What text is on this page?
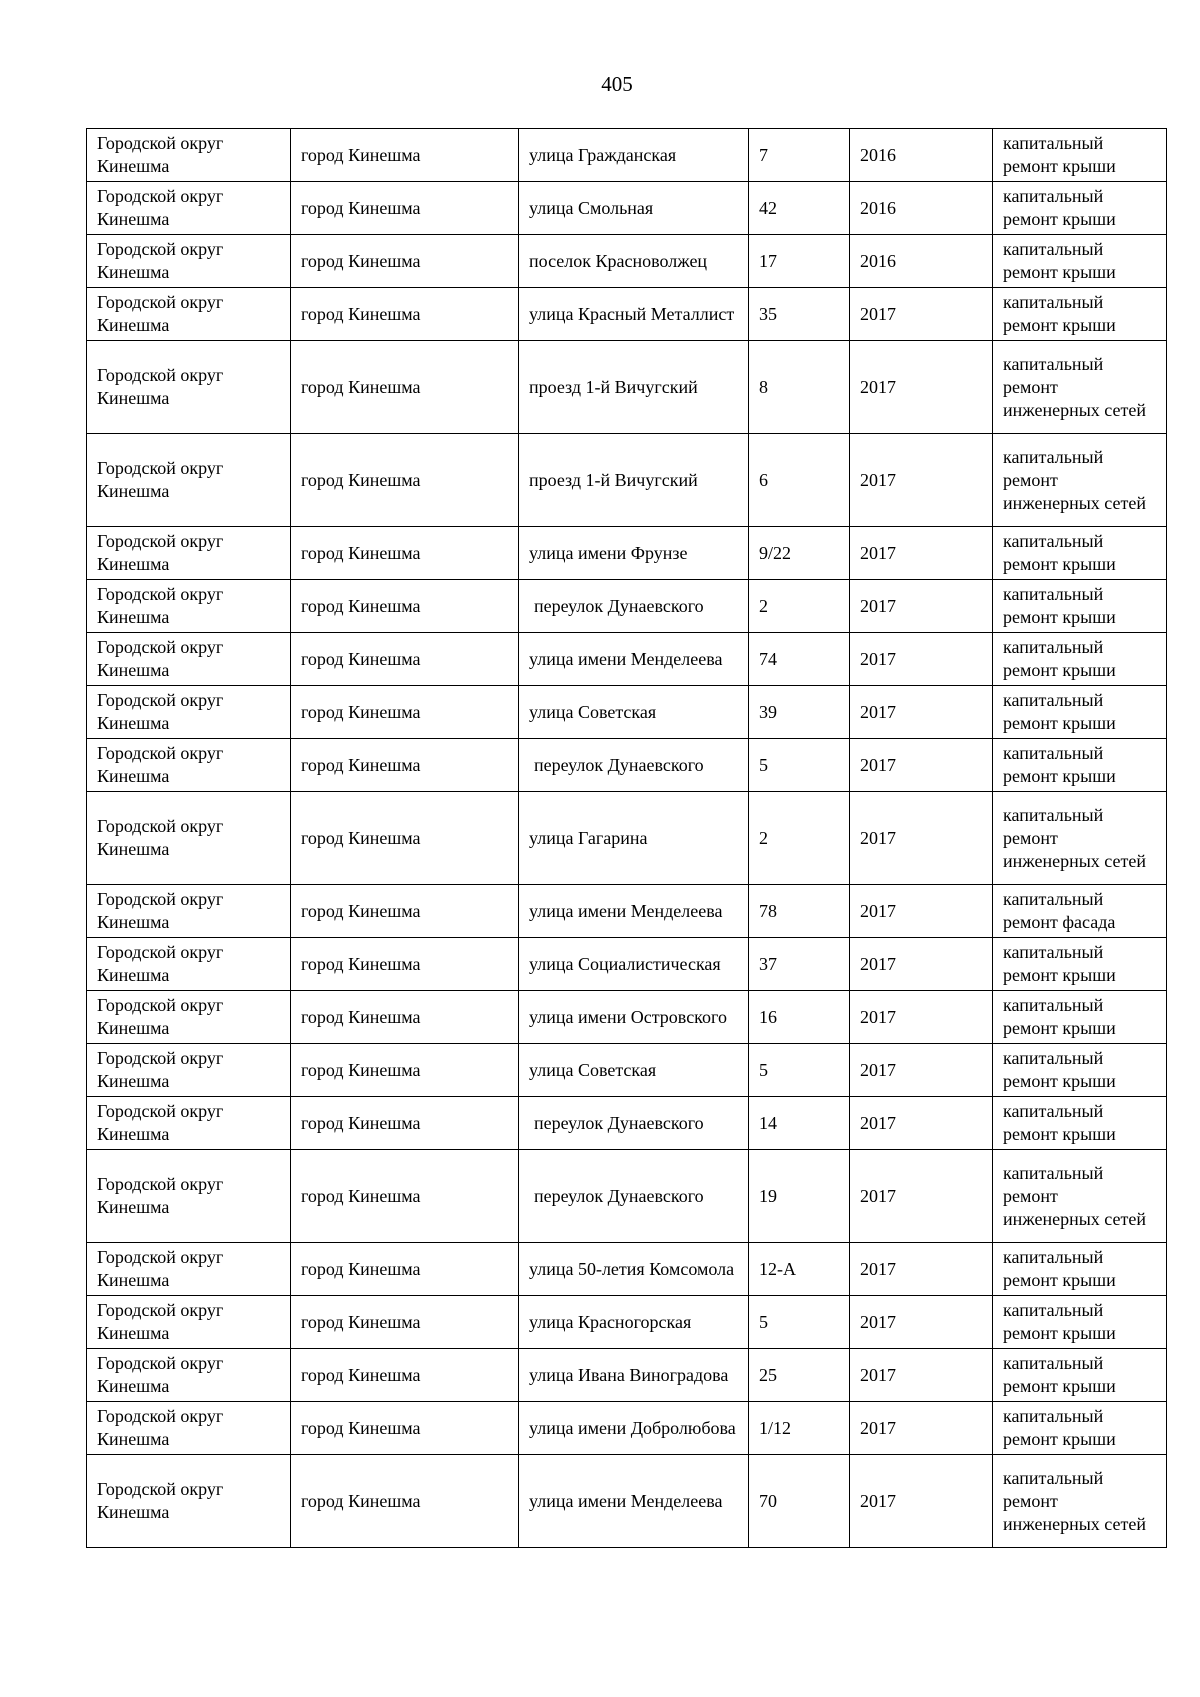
405
Городской округ Кинешма	город Кинешма	улица Гражданская	7	2016	капитальный ремонт крыши
Городской округ Кинешма	город Кинешма	улица Смольная	42	2016	капитальный ремонт крыши
Городской округ Кинешма	город Кинешма	поселок Красноволжец	17	2016	капитальный ремонт крыши
Городской округ Кинешма	город Кинешма	улица Красный Металлист	35	2017	капитальный ремонт крыши
Городской округ Кинешма	город Кинешма	проезд 1-й Вичугский	8	2017	капитальный ремонт инженерных сетей
Городской округ Кинешма	город Кинешма	проезд 1-й Вичугский	6	2017	капитальный ремонт инженерных сетей
Городской округ Кинешма	город Кинешма	улица имени Фрунзе	9/22	2017	капитальный ремонт крыши
Городской округ Кинешма	город Кинешма	переулок Дунаевского	2	2017	капитальный ремонт крыши
Городской округ Кинешма	город Кинешма	улица имени Менделеева	74	2017	капитальный ремонт крыши
Городской округ Кинешма	город Кинешма	улица Советская	39	2017	капитальный ремонт крыши
Городской округ Кинешма	город Кинешма	переулок Дунаевского	5	2017	капитальный ремонт крыши
Городской округ Кинешма	город Кинешма	улица Гагарина	2	2017	капитальный ремонт инженерных сетей
Городской округ Кинешма	город Кинешма	улица имени Менделеева	78	2017	капитальный ремонт фасада
Городской округ Кинешма	город Кинешма	улица Социалистическая	37	2017	капитальный ремонт крыши
Городской округ Кинешма	город Кинешма	улица имени Островского	16	2017	капитальный ремонт крыши
Городской округ Кинешма	город Кинешма	улица Советская	5	2017	капитальный ремонт крыши
Городской округ Кинешма	город Кинешма	переулок Дунаевского	14	2017	капитальный ремонт крыши
Городской округ Кинешма	город Кинешма	переулок Дунаевского	19	2017	капитальный ремонт инженерных сетей
Городской округ Кинешма	город Кинешма	улица 50-летия Комсомола	12-А	2017	капитальный ремонт крыши
Городской округ Кинешма	город Кинешма	улица Красногорская	5	2017	капитальный ремонт крыши
Городской округ Кинешма	город Кинешма	улица Ивана Виноградова	25	2017	капитальный ремонт крыши
Городской округ Кинешма	город Кинешма	улица имени Добролюбова	1/12	2017	капитальный ремонт крыши
Городской округ Кинешма	город Кинешма	улица имени Менделеева	70	2017	капитальный ремонт инженерных сетей
